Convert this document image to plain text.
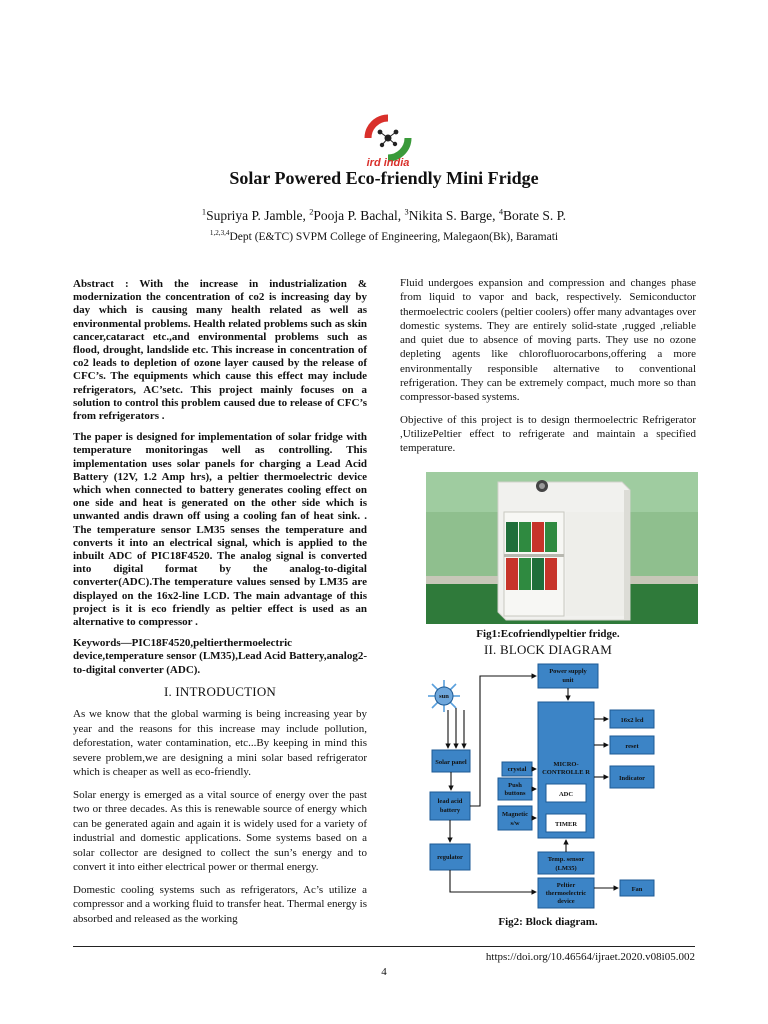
ird india
Solar Powered Eco-friendly Mini Fridge
$^1$Supriya P. Jamble, $^2$Pooja P. Bachal, $^3$Nikita S. Barge, $^4$Borate S. P.
$^{1,2,3,4}$Dept (E&TC) SVPM College of Engineering, Malegaon(Bk), Baramati

Abstract : With the increase in industrialization & modernization the concentration of co2 is increasing day by day which is causing many health related as well as environmental problems. Health related problems such as skin cancer,cataract etc.,and environmental problems such as flood, drought, landslide etc. This increase in concentration of co2 leads to depletion of ozone layer caused by the release of CFC’s. The equipments which cause this effect may include refrigerators, AC’setc. This project mainly focuses on a solution to control this problem caused due to release of CFC’s from refrigerators .

The paper is designed for implementation of solar fridge with temperature monitoringas well as controlling. This implementation uses solar panels for charging a Lead Acid Battery (12V, 1.2 Amp hrs), a peltier thermoelectric device which when connected to battery generates cooling effect on one side and heat is generated on the other side which is unwanted andis drawn off using a cooling fan of heat sink. . The temperature sensor LM35 senses the temperature and converts it into an electrical signal, which is applied to the inbuilt ADC of PIC18F4520. The analog signal is converted into digital format by the analog-to-digital converter(ADC).The temperature values sensed by LM35 are displayed on the 16x2-line LCD. The main advantage of this project is it is eco friendly as peltier effect is used as an alternative to compressor .

Keywords—PIC18F4520,peltierthermoelectric device,temperature sensor (LM35),Lead Acid Battery,analog2-to-digital converter (ADC).

I. INTRODUCTION

As we know that the global warming is being increasing year by year and the reasons for this increase may include pollution, deforestation, water contamination, etc...By keeping in mind this severe problem,we are designing a mini solar based refrigerator which is cheaper as well as eco-friendly.

Solar energy is emerged as a vital source of energy over the past two or three decades. As this is renewable source of energy which can be generated again and again it is widely used for a variety of industrial and domestic applications. Some systems based on a solar collector are designed to collect the sun’s energy and to convert it into either electrical power or thermal energy.

Domestic cooling systems such as refrigerators, Ac’s utilize a compressor and a working fluid to transfer heat. Thermal energy is absorbed and released as the working

Fluid undergoes expansion and compression and changes phase from liquid to vapor and back, respectively. Semiconductor thermoelectric coolers (peltier coolers) offer many advantages over domestic systems. They are entirely solid-state ,rugged ,reliable and quiet due to absence of moving parts. They use no ozone depleting agents like chlorofluorocarbons,offering a more environmentally responsible alternative to conventional refrigeration. They can be extremely compact, much more so than compressor-based systems.

Objective of this project is to design thermoelectric Refrigerator ,UtilizePeltier effect to refrigerate and maintain a specified temperature.

Fig1:Ecofriendlypeltier fridge.
II. BLOCK DIAGRAM
sun
Power supply
unit
MICRO-
CONTROLLE R
ADC
TIMER
Solar panel
lead acid
battery
regulator
crystal
Push
buttons
Magnetic
s/w
16x2 lcd
reset
Indicator
Temp. sensor
(LM35)
Peltier
thermoelectric
device
Fan
Fig2: Block diagram.
https://doi.org/10.46564/ijraet.2020.v08i05.002
4
